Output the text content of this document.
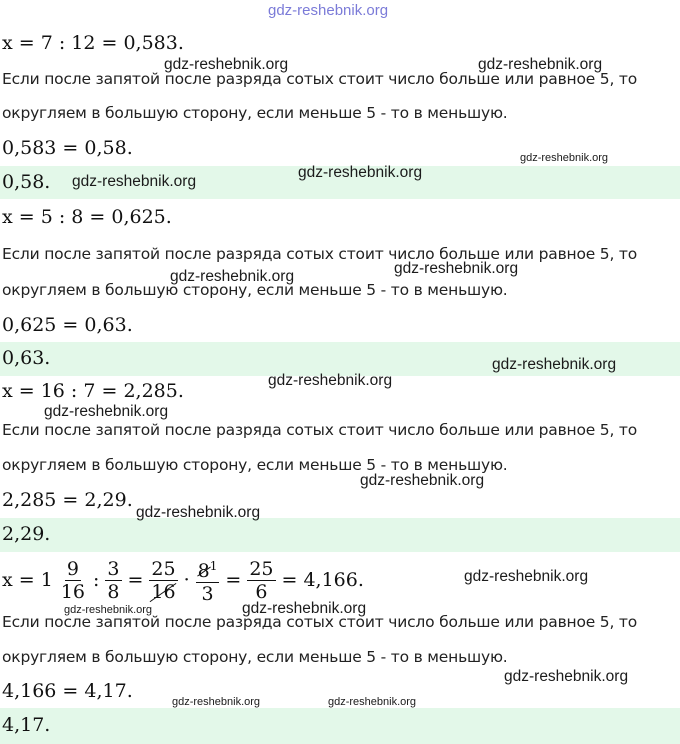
gdz-reshebnik.org
x = 7 : 12 = 0,583.
Если после запятой после разряда сотых стоит число больше или равное 5, то
округляем в большую сторону, если меньше 5 - то в меньшую.
0,583 = 0,58.
0,58.
x = 5 : 8 = 0,625.
Если после запятой после разряда сотых стоит число больше или равное 5, то
округляем в большую сторону, если меньше 5 - то в меньшую.
0,625 = 0,63.
0,63.
x = 16 : 7 = 2,285.
Если после запятой после разряда сотых стоит число больше или равное 5, то
округляем в большую сторону, если меньше 5 - то в меньшую.
2,285 = 2,29.
2,29.
$x = 1 \frac{9}{16}$ : $\frac{3}{8} = \frac{25}{16} \cdot \frac{8^1}{3} = \frac{25}{6} = 4,166$.
Если после запятой после разряда сотых стоит число больше или равное 5, то
округляем в большую сторону, если меньше 5 - то в меньшую.
4,166 = 4,17.
4,17.
gdz-reshebnik.org	gdz-reshebnik.org
gdz-reshebnik.org
gdz-reshebnik.org
gdz-reshebnik.org
gdz-reshebnik.org
gdz-reshebnik.org
gdz-reshebnik.org
gdz-reshebnik.org
gdz-reshebnik.org
gdz-reshebnik.org
gdz-reshebnik.org
gdz-reshebnik.org
gdz-reshebnik.org
gdz-reshebnik.org
gdz-reshebnik.org
gdz-reshebnik.org	gdz-reshebnik.org
